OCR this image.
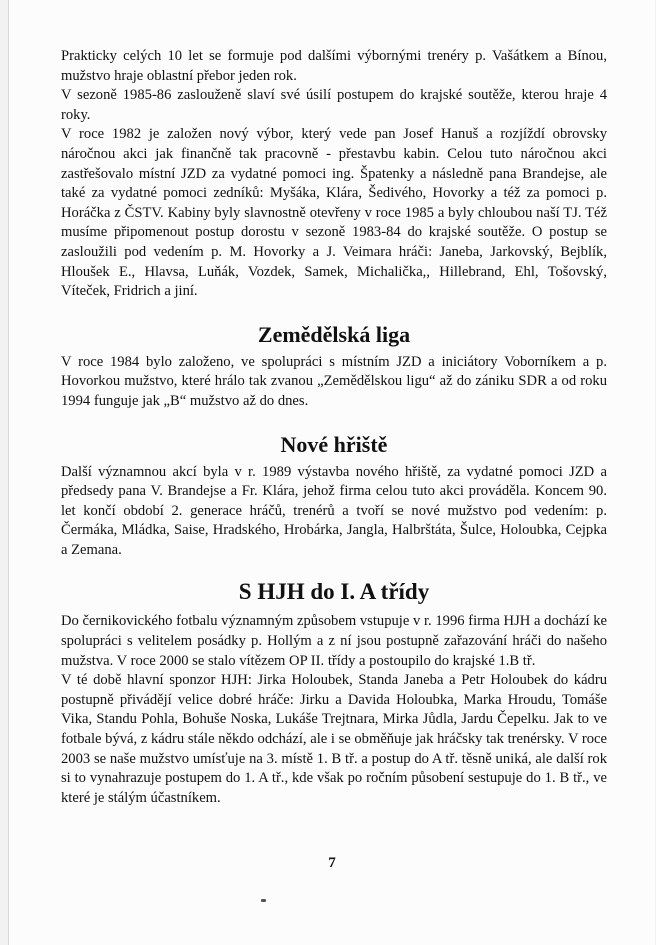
Prakticky celých 10 let se formuje pod dalšími výbornými trenéry p. Vašátkem a Bínou, mužstvo hraje oblastní přebor jeden rok.

V sezoně 1985-86 zaslouženě slaví své úsilí postupem do krajské soutěže, kterou hraje 4 roky.

V roce 1982 je založen nový výbor, který vede pan Josef Hanuš a rozjíždí obrovsky náročnou akci jak finančně tak pracovně - přestavbu kabin. Celou tuto náročnou akci zastřešovalo místní JZD za vydatné pomoci ing. Špatenky a následně pana Brandejse, ale také za vydatné pomoci zedníků: Myšáka, Klára, Šedivého, Hovorky a též za pomoci p. Horáčka z ČSTV. Kabiny byly slavnostně otevřeny v roce 1985 a byly chloubou naší TJ. Též musíme připomenout postup dorostu v sezoně 1983-84 do krajské soutěže. O postup se zasloužili pod vedením p. M. Hovorky a J. Veimara hráči: Janeba, Jarkovský, Bejblík, Hloušek E., Hlavsa, Luňák, Vozdek, Samek, Michalička,, Hillebrand, Ehl, Tošovský, Víteček, Fridrich a jiní.

Zemědělská liga

V roce 1984 bylo založeno, ve spolupráci s místním JZD a iniciátory Voborníkem a p. Hovorkou mužstvo, které hrálo tak zvanou „Zemědělskou ligu“ až do zániku SDR a od roku 1994 funguje jak „B“ mužstvo až do dnes.

Nové hřiště

Další významnou akcí byla v r. 1989 výstavba nového hřiště, za vydatné pomoci JZD a předsedy pana V. Brandejse a Fr. Klára, jehož firma celou tuto akci prováděla. Koncem 90. let končí období 2. generace hráčů, trenérů a tvoří se nové mužstvo pod vedením: p. Čermáka, Mládka, Saise, Hradského, Hrobárka, Jangla, Halbrštáta, Šulce, Holoubka, Cejpka a Zemana.

S HJH do I. A třídy

Do černikovického fotbalu významným způsobem vstupuje v r. 1996 firma HJH a dochází ke spolupráci s velitelem posádky p. Hollým a z ní jsou postupně zařazování hráči do našeho mužstva. V roce 2000 se stalo vítězem OP II. třídy a postoupilo do krajské 1.B tř.

V té době hlavní sponzor HJH: Jirka Holoubek, Standa Janeba a Petr Holoubek do kádru postupně přivádějí velice dobré hráče: Jirku a Davida Holoubka, Marka Hroudu, Tomáše Vika, Standu Pohla, Bohuše Noska, Lukáše Trejtnara, Mirka Jůdla, Jardu Čepelku. Jak to ve fotbale bývá, z kádru stále někdo odchází, ale i se obměňuje jak hráčsky tak trenérsky. V roce 2003 se naše mužstvo umísťuje na 3. místě 1. B tř. a postup do A tř. těsně uniká, ale další rok si to vynahrazuje postupem do 1. A tř., kde však po ročním působení sestupuje do 1. B tř., ve které je stálým účastníkem.

7
